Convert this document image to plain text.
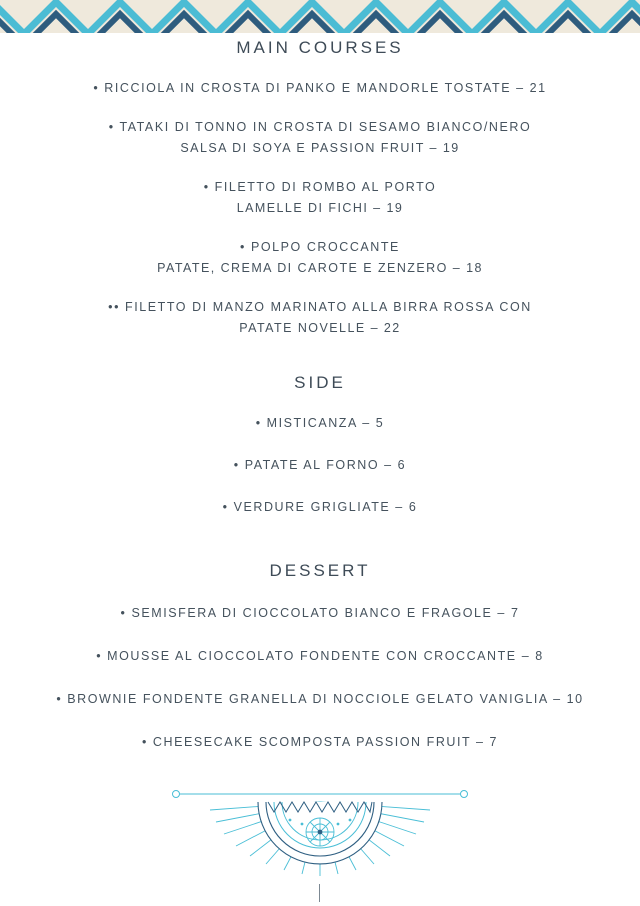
MAIN COURSES
• RICCIOLA IN CROSTA DI PANKO E MANDORLE TOSTATE – 21
• TATAKI DI TONNO IN CROSTA DI SESAMO BIANCO/NERO
SALSA DI SOYA E PASSION FRUIT – 19
• FILETTO DI ROMBO AL PORTO
LAMELLE DI FICHI – 19
• POLPO CROCCANTE
PATATE, CREMA DI CAROTE E ZENZERO – 18
•• FILETTO DI MANZO MARINATO ALLA BIRRA ROSSA CON
PATATE NOVELLE – 22
SIDE
• MISTICANZA – 5
• PATATE AL FORNO – 6
• VERDURE GRIGLIATE – 6
DESSERT
• SEMISFERA DI CIOCCOLATO BIANCO E FRAGOLE – 7
• MOUSSE AL CIOCCOLATO FONDENTE CON CROCCANTE – 8
• BROWNIE FONDENTE GRANELLA DI NOCCIOLE GELATO VANIGLIA – 10
• CHEESECAKE SCOMPOSTA PASSION FRUIT – 7
